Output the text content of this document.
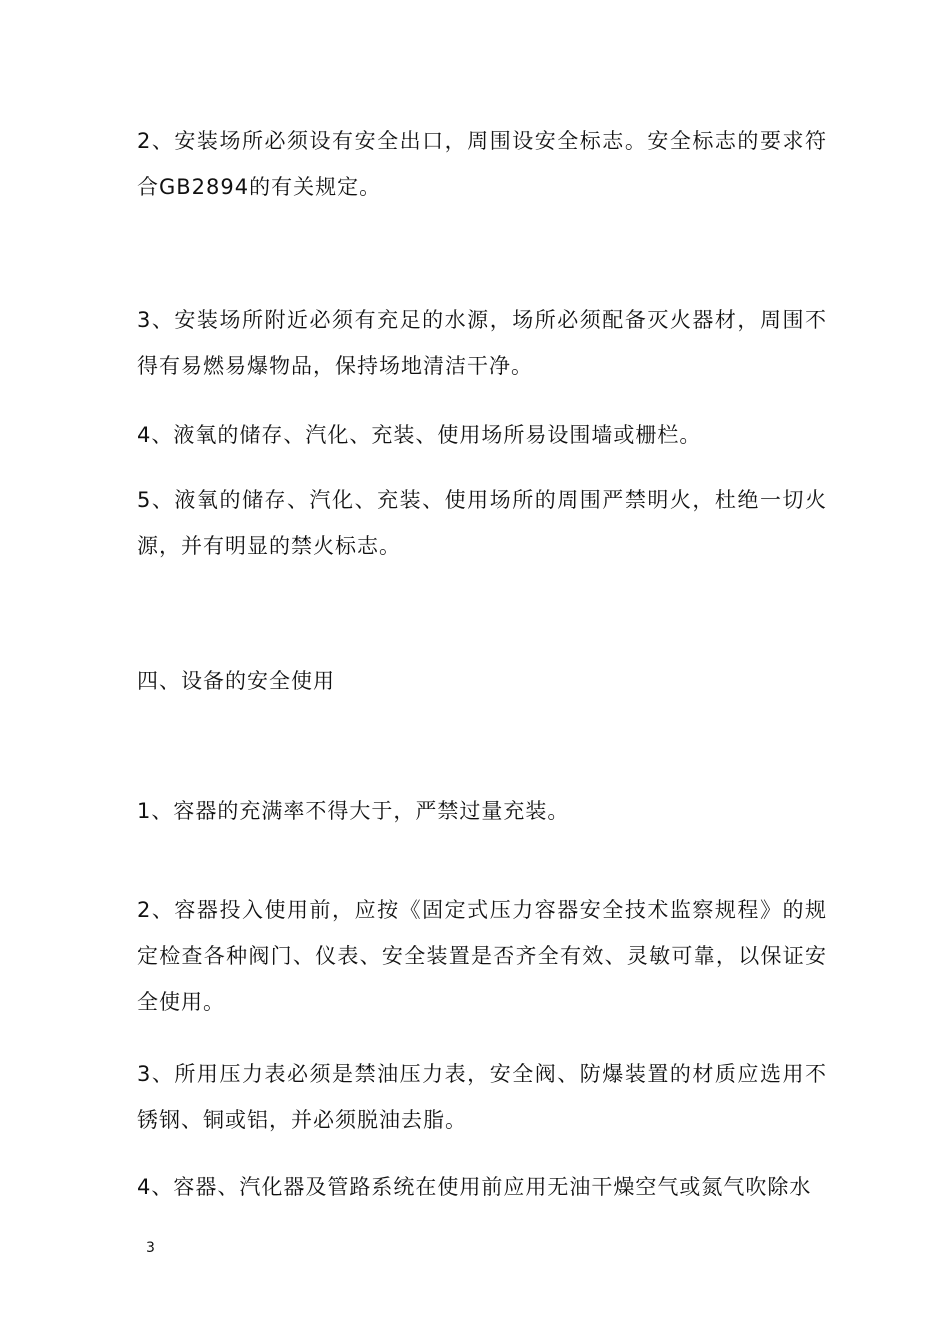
2、安装场所必须设有安全出口，周围设安全标志。安全标志的要求符合GB2894的有关规定。

3、安装场所附近必须有充足的水源，场所必须配备灭火器材，周围不得有易燃易爆物品，保持场地清洁干净。

4、液氧的储存、汽化、充装、使用场所易设围墙或栅栏。

5、液氧的储存、汽化、充装、使用场所的周围严禁明火，杜绝一切火源，并有明显的禁火标志。

四、设备的安全使用

1、容器的充满率不得大于，严禁过量充装。

2、容器投入使用前，应按《固定式压力容器安全技术监察规程》的规定检查各种阀门、仪表、安全装置是否齐全有效、灵敏可靠，以保证安全使用。

3、所用压力表必须是禁油压力表，安全阀、防爆装置的材质应选用不锈钢、铜或铝，并必须脱油去脂。

4、容器、汽化器及管路系统在使用前应用无油干燥空气或氮气吹除水

3
